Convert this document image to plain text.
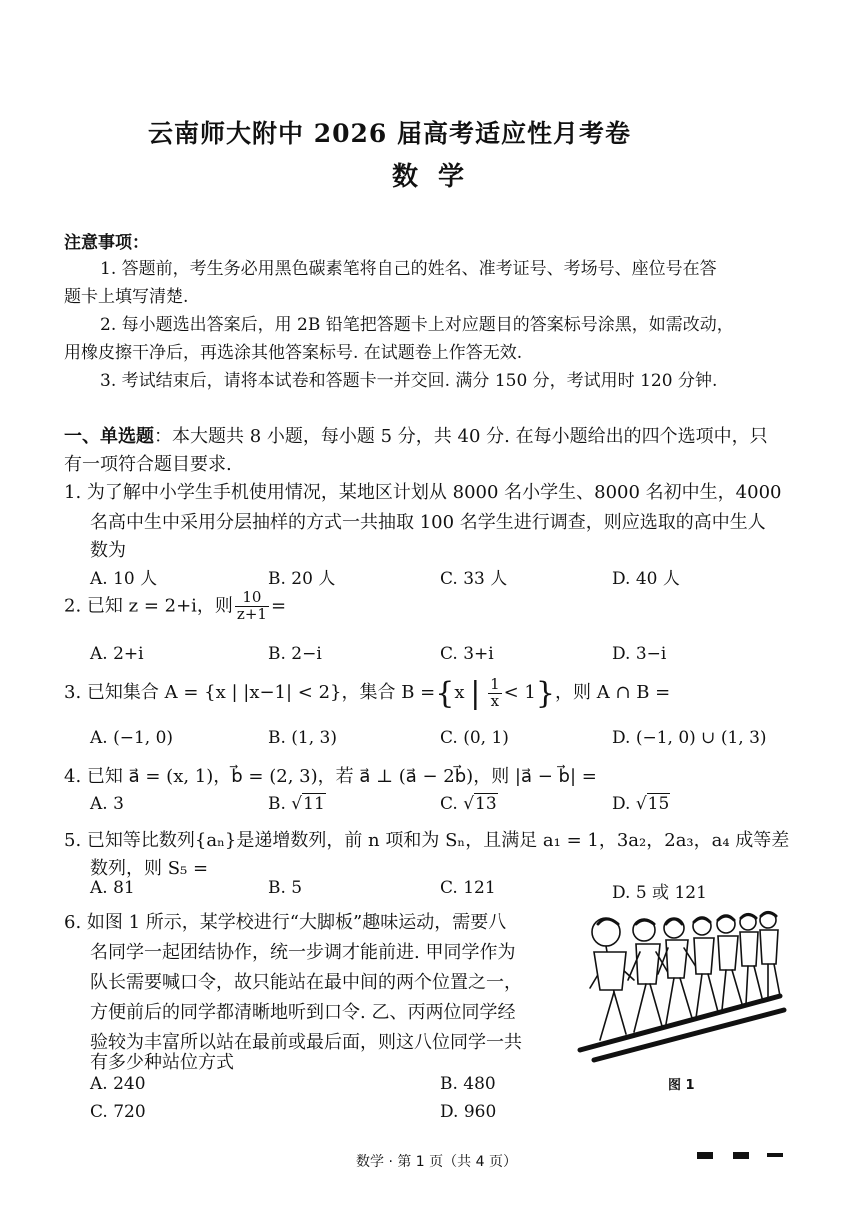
云南师大附中 2026 届高考适应性月考卷
数学
注意事项：
1. 答题前，考生务必用黑色碳素笔将自己的姓名、准考证号、考场号、座位号在答
题卡上填写清楚.
2. 每小题选出答案后，用 2B 铅笔把答题卡上对应题目的答案标号涂黑，如需改动，
用橡皮擦干净后，再选涂其他答案标号. 在试题卷上作答无效.
3. 考试结束后，请将本试卷和答题卡一并交回. 满分 150 分，考试用时 120 分钟.
一、单选题：本大题共 8 小题，每小题 5 分，共 40 分. 在每小题给出的四个选项中，只
有一项符合题目要求.
1. 为了解中小学生手机使用情况，某地区计划从 8000 名小学生、8000 名初中生，4000
名高中生中采用分层抽样的方式一共抽取 100 名学生进行调查，则应选取的高中生人
数为
A. 10 人	B. 20 人	C. 33 人	D. 40 人
2. 已知 z = 2+i，则 $\frac{10}{z+1}$ =
A. 2+i	B. 2−i	C. 3+i	D. 3−i
3. 已知集合 A = {x | |x−1| < 2}，集合 B ={x | $\frac{1}{x} < 1$}，则 A ∩ B =
A. (−1, 0)	B. (1, 3)	C. (0, 1)	D. (−1, 0) ∪ (1, 3)
4. 已知 a⃗ = (x, 1)，b⃗ = (2, 3)，若 a⃗ ⊥ (a⃗ − 2b⃗)，则 |a⃗ − b⃗| =
A. 3	B. √11	C. √13	D. √15
5. 已知等比数列{aₙ}是递增数列，前 n 项和为 Sₙ，且满足 a₁ = 1，3a₂，2a₃，a₄ 成等差
数列，则 S₅ =
A. 81	B. 5	C. 121	D. 5 或 121
6. 如图 1 所示，某学校进行“大脚板”趣味运动，需要八
名同学一起团结协作，统一步调才能前进. 甲同学作为
队长需要喊口令，故只能站在最中间的两个位置之一，
方便前后的同学都清晰地听到口令. 乙、丙两位同学经
验较为丰富所以站在最前或最后面，则这八位同学一共
有多少种站位方式
A. 240	B. 480
C. 720	D. 960
图 1
数学 · 第 1 页（共 4 页）
